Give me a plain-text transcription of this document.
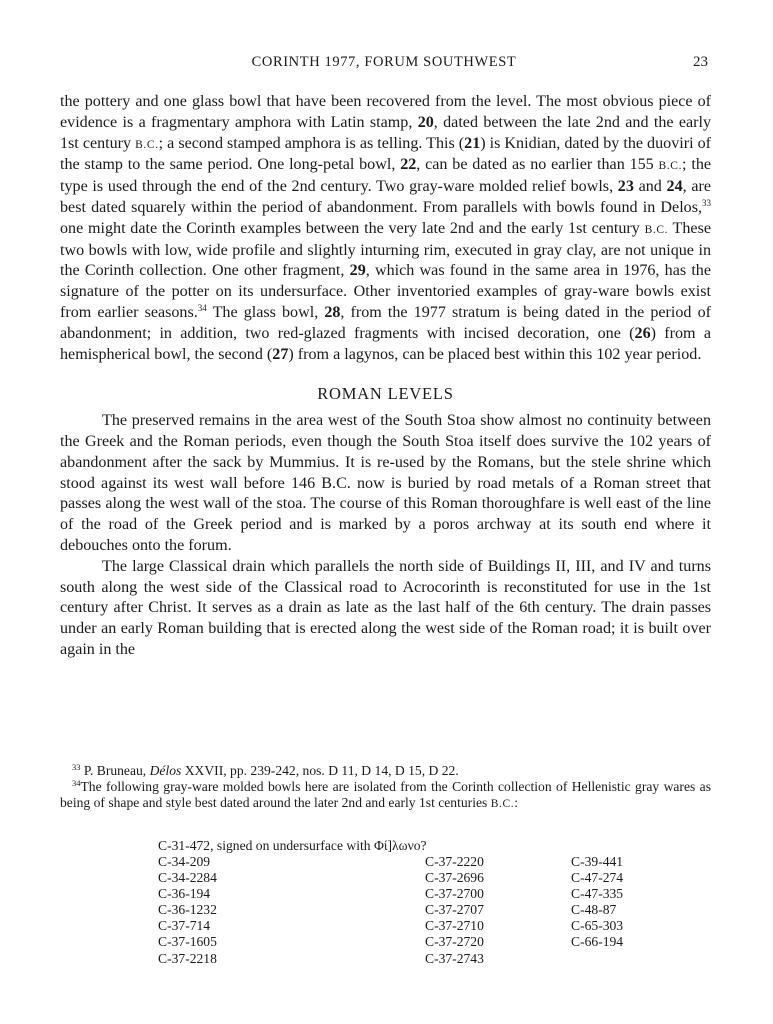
CORINTH 1977, FORUM SOUTHWEST	23

the pottery and one glass bowl that have been recovered from the level. The most obvious piece of evidence is a fragmentary amphora with Latin stamp, 20, dated between the late 2nd and the early 1st century B.C.; a second stamped amphora is as telling. This (21) is Knidian, dated by the duoviri of the stamp to the same period. One long-petal bowl, 22, can be dated as no earlier than 155 B.C.; the type is used through the end of the 2nd century. Two gray-ware molded relief bowls, 23 and 24, are best dated squarely within the period of abandonment. From parallels with bowls found in Delos,$^{33}$ one might date the Corinth examples between the very late 2nd and the early 1st century B.C. These two bowls with low, wide profile and slightly inturning rim, executed in gray clay, are not unique in the Corinth collection. One other fragment, 29, which was found in the same area in 1976, has the signature of the potter on its undersurface. Other inventoried examples of gray-ware bowls exist from earlier seasons.$^{34}$ The glass bowl, 28, from the 1977 stratum is being dated in the period of abandonment; in addition, two red-glazed fragments with incised decoration, one (26) from a hemispherical bowl, the second (27) from a lagynos, can be placed best within this 102 year period.

ROMAN LEVELS

The preserved remains in the area west of the South Stoa show almost no continuity between the Greek and the Roman periods, even though the South Stoa itself does survive the 102 years of abandonment after the sack by Mummius. It is re-used by the Romans, but the stele shrine which stood against its west wall before 146 B.C. now is buried by road metals of a Roman street that passes along the west wall of the stoa. The course of this Roman thoroughfare is well east of the line of the road of the Greek period and is marked by a poros archway at its south end where it debouches onto the forum.

The large Classical drain which parallels the north side of Buildings II, III, and IV and turns south along the west side of the Classical road to Acrocorinth is reconstituted for use in the 1st century after Christ. It serves as a drain as late as the last half of the 6th century. The drain passes under an early Roman building that is erected along the west side of the Roman road; it is built over again in the

$^{33}$ P. Bruneau, Délos XXVII, pp. 239-242, nos. D 11, D 14, D 15, D 22.

$^{34}$The following gray-ware molded bowls here are isolated from the Corinth collection of Hellenistic gray wares as being of shape and style best dated around the later 2nd and early 1st centuries B.C.:

C-31-472, signed on undersurface with Φί]λωνο?
C-34-209
C-34-2284
C-36-194
C-36-1232
C-37-714
C-37-1605
C-37-2218
C-37-2220
C-37-2696
C-37-2700
C-37-2707
C-37-2710
C-37-2720
C-37-2743
C-39-441
C-47-274
C-47-335
C-48-87
C-65-303
C-66-194
